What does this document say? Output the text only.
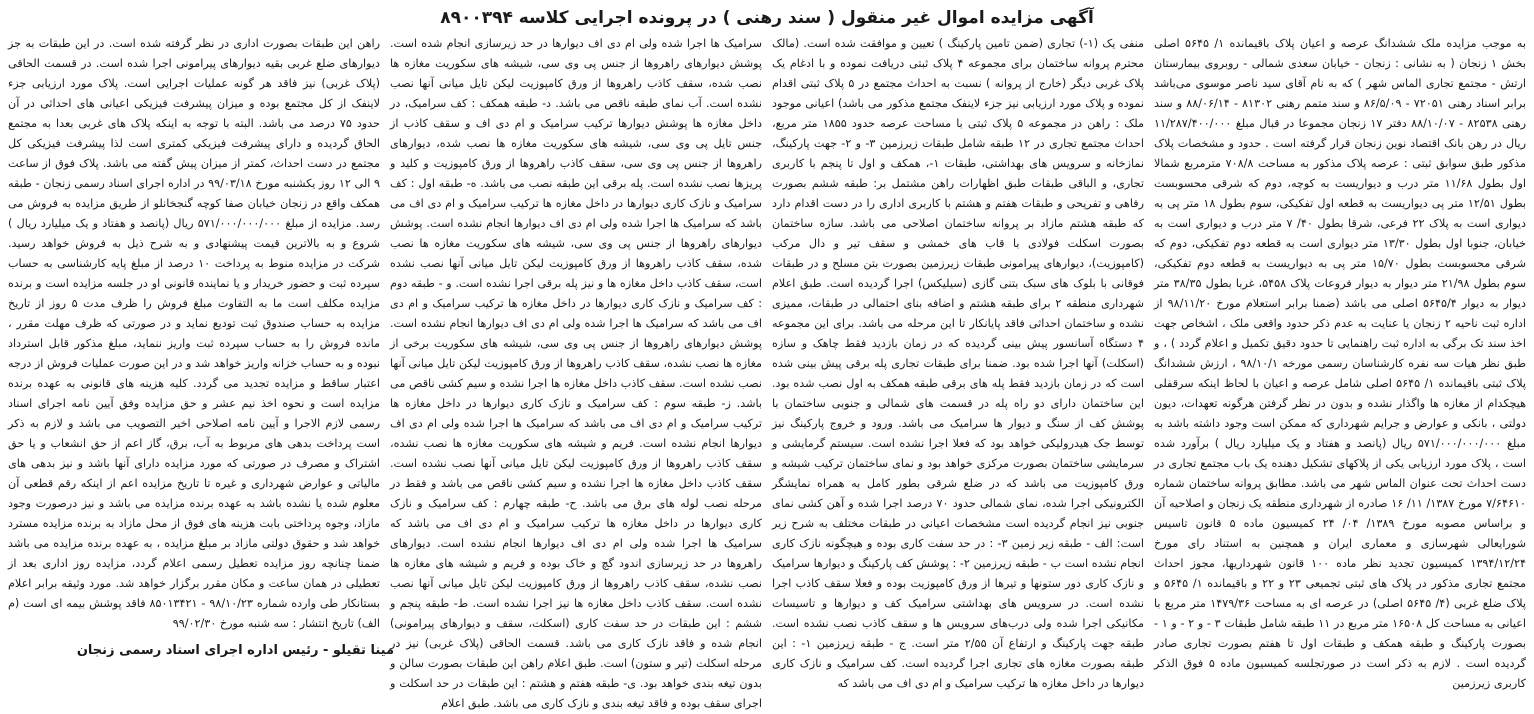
آگهی مزایده اموال غیر منقول ( سند رهنی ) در پرونده اجرایی کلاسه ۸۹۰۰۳۹۴

به موجب مزایده ملک ششدانگ عرصه و اعیان پلاک باقیمانده ۱/ ۵۶۴۵ اصلی بخش ۱ زنجان ( به نشانی : زنجان - خیابان سعدی شمالی - روبروی بیمارستان ارتش - مجتمع تجاری الماس شهر ) که به نام آقای سید ناصر موسوی می‌باشد برابر اسناد رهنی ۷۲۰۵۱ - ۸۶/۵/۰۹ و سند متمم رهنی ۸۱۳۰۲ - ۸۸/۰۶/۱۴ و سند رهنی ۸۲۵۳۸ - ۸۸/۱۰/۰۷ دفتر ۱۷ زنجان مجموعا در قبال مبلغ ۱۱/۲۸۷/۴۰۰/۰۰۰ ریال در رهن بانک اقتصاد نوین زنجان قرار گرفته است . حدود و مشخصات پلاک مذکور طبق سوابق ثبتی : عرصه پلاک مذکور به مساحت ۷۰۸/۸ مترمربع شمالا اول بطول ۱۱/۶۸ متر درب و دیواریست به کوچه، دوم که شرقی محسوبست بطول ۱۲/۵۱ متر پی دیواریست به قطعه اول تفکیکی، سوم بطول ۱۸ متر پی به دیواری است به پلاک ۲۲ فرعی، شرقا بطول ۴۰/ ۷ متر درب و دیواری است به خیابان، جنوبا اول بطول ۱۳/۳۰ متر دیواری است به قطعه دوم تفکیکی، دوم که شرقی محسوبست بطول ۱۵/۷۰ متر پی به دیواریست به قطعه دوم تفکیکی، سوم بطول ۲۱/۹۸ متر دیوار به دیوار فروعات پلاک ۵۴۵۸، غربا بطول ۳۸/۳۵ متر دیوار به دیوار ۵۶۴۵/۴ اصلی می باشد (ضمنا برابر استعلام مورخ ۹۸/۱۱/۲۰ از اداره ثبت ناحیه ۲ زنجان یا عنایت به عدم ذکر حدود واقعی ملک ، اشخاص جهت اخذ سند تک برگی به اداره ثبت راهنمایی تا حدود دقیق تکمیل و اعلام گردد ) ، و طبق نظر هیات سه نفره کارشناسان رسمی مورخه ۹۸/۱۰/۱ ، ارزش ششدانگ پلاک ثبتی باقیمانده ۱/ ۵۶۴۵ اصلی شامل عرصه و اعیان با لحاظ اینکه سرقفلی هیچکدام از مغازه ها واگذار نشده و بدون در نظر گرفتن هرگونه تعهدات، دیون دولتی ، بانکی و عوارض و جرایم شهرداری که ممکن است وجود داشته باشد به مبلغ ۵۷۱/۰۰۰/۰۰۰/۰۰۰ ریال (پانصد و هفتاد و یک میلیارد ریال ) برآورد شده است ، پلاک مورد ارزیابی یکی از پلاکهای تشکیل دهنده یک باب مجتمع تجاری در دست احداث تحت عنوان الماس شهر می باشد. مطابق پروانه ساختمان شماره ۷/۶۴۶۱۰ مورخ ۱۳۸۷/ ۱۱/ ۱۶ صادره از شهرداری منطقه یک زنجان و اصلاحیه آن و براساس مصوبه مورخ ۱۳۸۹/ ۰۴/ ۲۴ کمیسیون ماده ۵ قانون تاسیس شورایعالی شهرسازی و معماری ایران و همچنین به استناد رای مورخ ۱۳۹۴/۱۲/۲۴ کمیسیون تجدید نظر ماده ۱۰۰ قانون شهرداریها، مجوز احداث مجتمع تجاری مذکور در پلاک های ثبتی تجمیعی ۲۳ و ۲۲ و باقیمانده ۱/ ۵۶۴۵ و پلاک ضلع غربی (۴/ ۵۶۴۵ اصلی) در عرصه ای به مساحت ۱۴۷۹/۳۶ متر مربع با اعیانی به مساحت کل ۱۶۵۰۸ متر مربع در ۱۱ طبقه شامل طبقات ۳ - و ۲ - و ۱ - بصورت پارکینگ و طبقه همکف و طبقات اول تا هفتم بصورت تجاری صادر گردیده است . لازم به ذکر است در صورتجلسه کمیسیون ماده ۵ فوق الذکر کاربری زیرزمین

منفی یک (۱-) تجاری (ضمن تامین پارکینگ ) تعیین و موافقت شده است. (مالک محترم پروانه ساختمان برای مجموعه ۴ پلاک ثبتی دریافت نموده و با ادغام یک پلاک غربی دیگر (خارج از پروانه ) نسبت به احداث مجتمع در ۵ پلاک ثبتی اقدام نموده و پلاک مورد ارزیابی نیز جزء لاینفک مجتمع مذکور می باشد) اعیانی موجود ملک : راهن در مجموعه ۵ پلاک ثبتی با مساحت عرصه حدود ۱۸۵۵ متر مربع، احداث مجتمع تجاری در ۱۲ طبقه شامل طبقات زیرزمین ۳- و ۲- جهت پارکینگ، نمازخانه و سرویس های بهداشتی، طبقات ۱-، همکف و اول تا پنجم با کاربری تجاری، و الباقی طبقات طبق اظهارات راهن مشتمل بر: طبقه ششم بصورت رفاهی و تفریحی و طبقات هفتم و هشتم با کاربری اداری را در دست اقدام دارد که طبقه هشتم مازاد بر پروانه ساختمان اصلاحی می باشد. سازه ساختمان بصورت اسکلت فولادی با قاب های خمشی و سقف تیر و دال مرکب (کامپوزیت)، دیوارهای پیرامونی طبقات زیرزمین بصورت بتن مسلح و در طبقات فوقانی با بلوک های سبک بتنی گازی (سیلیکس) اجرا گردیده است. طبق اعلام شهرداری منطقه ۲ برای طبقه هشتم و اضافه بنای احتمالی در طبقات، ممیزی نشده و ساختمان احداثی فاقد پایانکار تا این مرحله می باشد. برای این مجموعه ۴ دستگاه آسانسور پیش بینی گردیده که در زمان بازدید فقط چاهک و سازه (اسکلت) آنها اجرا شده بود. ضمنا برای طبقات تجاری پله برقی پیش بینی شده است که در زمان بازدید فقط پله های برقی طبقه همکف به اول نصب شده بود. این ساختمان دارای دو راه پله در قسمت های شمالی و جنوبی ساختمان با پوشش کف از سنگ و دیوار ها سرامیک می باشد. ورود و خروج پارکینگ نیز توسط جک هیدرولیکی خواهد بود که فعلا اجرا نشده است. سیستم گرمایشی و سرمایشی ساختمان بصورت مرکزی خواهد بود و نمای ساختمان ترکیب شیشه و ورق کامپوزیت می باشد که در ضلع شرقی بطور کامل به همراه نمایشگر الکترونیکی اجرا شده، نمای شمالی حدود ۷۰ درصد اجرا شده و آهن کشی نمای جنوبی نیز انجام گردیده است مشخصات اعیانی در طبقات مختلف به شرح زیر است: الف - طبقه زیر زمین ۳- : در حد سفت کاری بوده و هیچگونه نازک کاری انجام نشده است ب - طبقه زیرزمین ۲- : پوشش کف پارکینگ و دیوارها سرامیک و نازک کاری دور ستونها و تیرها از ورق کامپوزیت بوده و فعلا سقف کاذب اجرا نشده است. در سرویس های بهداشتی سرامیک کف و دیوارها و تاسیسات مکانیکی اجرا شده ولی درب‌های سرویس ها و سقف کاذب نصب نشده است. طبقه جهت پارکینگ و ارتفاع آن ۲/۵۵ متر است. ج - طبقه زیرزمین ۱- : این طبقه بصورت مغازه های تجاری اجرا گردیده است. کف سرامیک و نازک کاری دیوارها در داخل مغازه ها ترکیب سرامیک و ام دی اف می باشد که

سرامیک ها اجرا شده ولی ام دی اف دیوارها در حد زیرسازی انجام شده است. پوشش دیوارهای راهروها از جنس پی وی سی، شیشه های سکوریت مغازه ها نصب شده، سقف کاذب راهروها از ورق کامپوزیت لیکن تایل میانی آنها نصب نشده است. آب نمای طبقه ناقص می باشد. د- طبقه همکف : کف سرامیک، در داخل مغازه ها پوشش دیوارها ترکیب سرامیک و ام دی اف و سقف کاذب از جنس تایل پی وی سی، شیشه های سکوریت مغازه ها نصب شده، دیوارهای راهروها از جنس پی وی سی، سقف کاذب راهروها از ورق کامپوزیت و کلید و پریزها نصب نشده است. پله برقی این طبقه نصب می باشد. ه- طبقه اول : کف سرامیک و نازک کاری دیوارها در داخل مغازه ها ترکیب سرامیک و ام دی اف می باشد که سرامیک ها اجرا شده ولی ام دی اف دیوارها انجام نشده است. پوشش دیوارهای راهروها از جنس پی وی سی، شیشه های سکوریت مغازه ها نصب شده، سقف کاذب راهروها از ورق کامپوزیت لیکن تایل میانی آنها نصب نشده است، سقف کاذب داخل مغازه ها و نیز پله برقی اجرا نشده است. و - طبقه دوم : کف سرامیک و نازک کاری دیوارها در داخل مغازه ها ترکیب سرامیک و ام دی اف می باشد که سرامیک ها اجرا شده ولی ام دی اف دیوارها انجام نشده است. پوشش دیوارهای راهروها از جنس پی وی سی، شیشه های سکوریت برخی از مغازه ها نصب نشده، سقف کاذب راهروها از ورق کامپوزیت لیکن تایل میانی آنها نصب نشده است. سقف کاذب داخل مغازه ها اجرا نشده و سیم کشی ناقص می باشد. ز- طبقه سوم : کف سرامیک و نازک کاری دیوارها در داخل مغازه ها ترکیب سرامیک و ام دی اف می باشد که سرامیک ها اجرا شده ولی ام دی اف دیوارها انجام نشده است. فریم و شیشه های سکوریت مغازه ها نصب نشده، سقف کاذب راهروها از ورق کامپوزیت لیکن تایل میانی آنها نصب نشده است. سقف کاذب داخل مغازه ها اجرا نشده و سیم کشی ناقص می باشد و فقط در مرحله نصب لوله های برق می باشد. ح- طبقه چهارم : کف سرامیک و نازک کاری دیوارها در داخل مغازه ها ترکیب سرامیک و ام دی اف می باشد که سرامیک ها اجرا شده ولی ام دی اف دیوارها انجام نشده است. دیوارهای راهروها در حد زیرسازی اندود گچ و خاک بوده و فریم و شیشه های مغازه ها نصب نشده، سقف کاذب راهروها از ورق کامپوزیت لیکن تایل میانی آنها نصب نشده است. سقف کاذب داخل مغازه ها نیز اجرا نشده است. ط- طبقه پنجم و ششم : این طبقات در حد سفت کاری (اسکلت، سقف و دیوارهای پیرامونی) انجام شده و فاقد نازک کاری می باشد. قسمت الحاقی (پلاک غربی) نیز در مرحله اسکلت (تیر و ستون) است. طبق اعلام راهن این طبقات بصورت سالن و بدون تیغه بندی خواهد بود. ی- طبقه هفتم و هشتم : این طبقات در حد اسکلت و اجرای سقف بوده و فاقد تیغه بندی و نازک کاری می باشد. طبق اعلام

راهن این طبقات بصورت اداری در نظر گرفته شده است. در این طبقات به جز دیوارهای ضلع غربی بقیه دیوارهای پیرامونی اجرا شده است. در قسمت الحاقی (پلاک غربی) نیز فاقد هر گونه عملیات اجرایی است. پلاک مورد ارزیابی جزء لاینفک از کل مجتمع بوده و میزان پیشرفت فیزیکی اعیانی های احداثی در آن حدود ۷۵ درصد می باشد. البته با توجه به اینکه پلاک های غربی بعدا به مجتمع الحاق گردیده و دارای پیشرفت فیزیکی کمتری است لذا پیشرفت فیزیکی کل مجتمع در دست احداث، کمتر از میزان پیش گفته می باشد. پلاک فوق از ساعت ۹ الی ۱۲ روز یکشنبه مورخ ۹۹/۰۳/۱۸ در اداره اجرای اسناد رسمی زنجان - طبقه همکف واقع در زنجان خیابان صفا کوچه گنجخانلو از طریق مزایده به فروش می رسد. مزایده از مبلغ ۵۷۱/۰۰۰/۰۰۰/۰۰۰ ریال (پانصد و هفتاد و یک میلیارد ریال ) شروع و به بالاترین قیمت پیشنهادی و به شرح ذیل به فروش خواهد رسید. شرکت در مزایده منوط به پرداخت ۱۰ درصد از مبلغ پایه کارشناسی به حساب سپرده ثبت و حضور خریدار و یا نماینده قانونی او در جلسه مزایده است و برنده مزایده مکلف است ما به التفاوت مبلغ فروش را ظرف مدت ۵ روز از تاریخ مزایده به حساب صندوق ثبت تودیع نماید و در صورتی که ظرف مهلت مقرر ، مانده فروش را به حساب سپرده ثبت واریز ننماید، مبلغ مذکور قابل استرداد نبوده و به حساب خزانه واریز خواهد شد و در این صورت عملیات فروش از درجه اعتبار ساقط و مزایده تجدید می گردد. کلیه هزینه های قانونی به عهده برنده مزایده است و نحوه اخذ نیم عشر و حق مزایده وفق آیین نامه اجرای اسناد رسمی لازم الاجرا و آیین نامه اصلاحی اخیر التصویب می باشد و لازم به ذکر است پرداخت بدهی های مربوط به آب، برق، گاز اعم از حق انشعاب و یا حق اشتراک و مصرف در صورتی که مورد مزایده دارای آنها باشد و نیز بدهی های مالیاتی و عوارض شهرداری و غیره تا تاریخ مزایده اعم از اینکه رقم قطعی آن معلوم شده یا نشده باشد به عهده برنده مزایده می باشد و نیز درصورت وجود مازاد، وجوه پرداختی بابت هزینه های فوق از محل مازاد به برنده مزایده مسترد خواهد شد و حقوق دولتی مازاد بر مبلغ مزایده ، به عهده برنده مزایده می باشد ضمنا چنانچه روز مزایده تعطیل رسمی اعلام گردد، مزایده روز اداری بعد از تعطیلی در همان ساعت و مکان مقرر برگزار خواهد شد. مورد وثیقه برابر اعلام بستانکار طی وارده شماره ۹۸/۱۰/۲۳ - ۸۵۰۱۳۴۲۱ فاقد پوشش بیمه ای است (م الف) تاریخ انتشار : سه شنبه مورخ ۹۹/۰۲/۳۰

مینا تقیلو - رئیس اداره اجرای اسناد رسمی زنجان
